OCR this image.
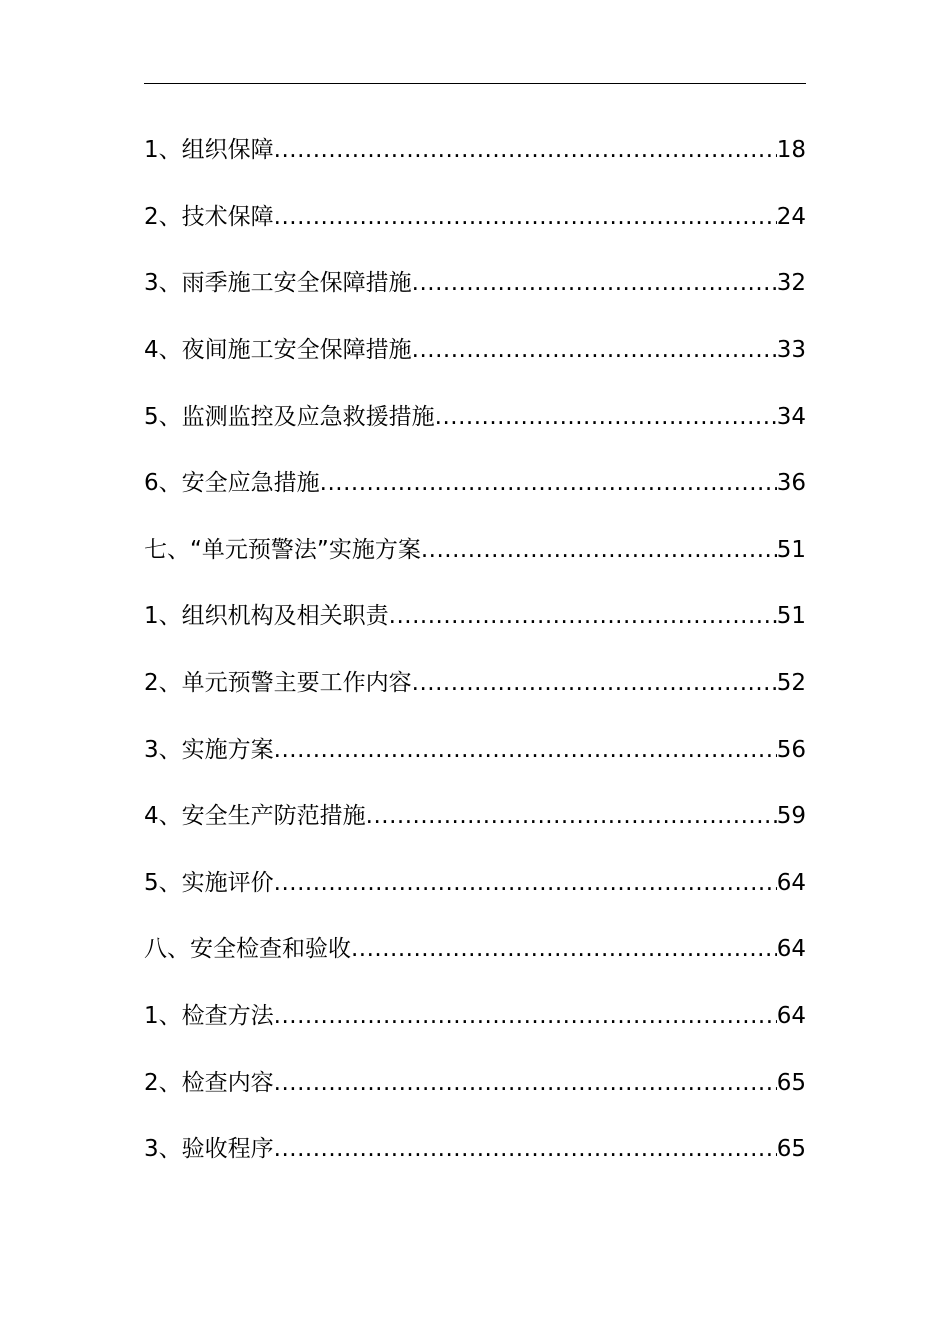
1、组织保障 .....	18
2、技术保障 .....	24
3、雨季施工安全保障措施 .....	32
4、夜间施工安全保障措施 .....	33
5、监测监控及应急救援措施 .....	34
6、安全应急措施 .....	36
七、“单元预警法”实施方案 .....	51
1、组织机构及相关职责 .....	51
2、单元预警主要工作内容 .....	52
3、实施方案 .....	56
4、安全生产防范措施 .....	59
5、实施评价 .....	64
八、安全检查和验收 .....	64
1、检查方法 .....	64
2、检查内容 .....	65
3、验收程序 .....	65
